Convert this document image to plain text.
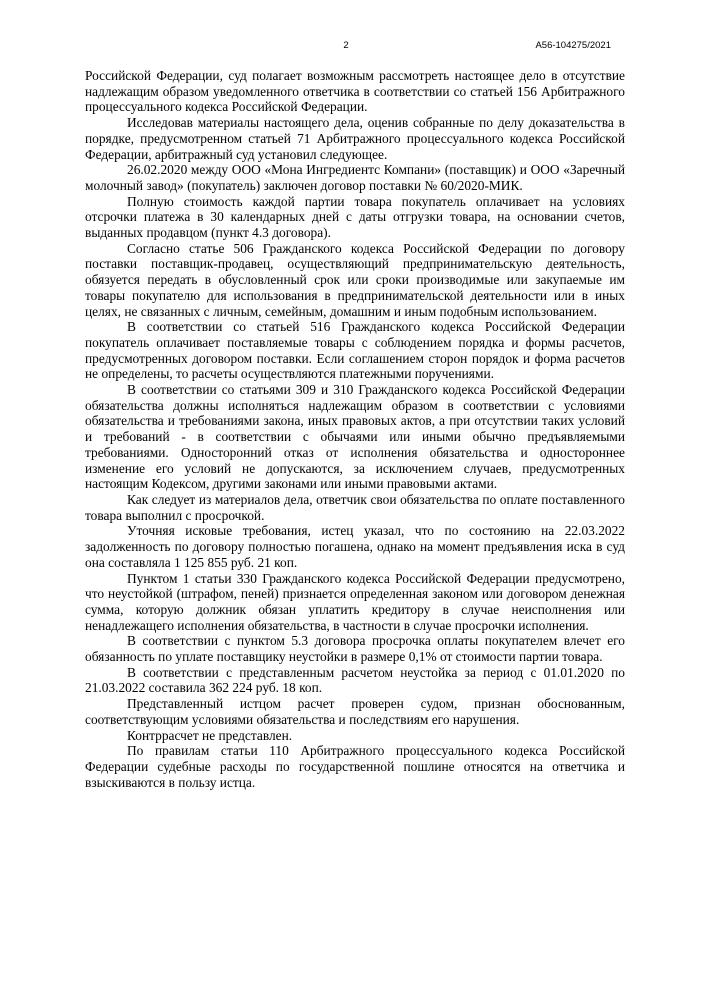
2	А56-104275/2021

Российской Федерации, суд полагает возможным рассмотреть настоящее дело в отсутствие надлежащим образом уведомленного ответчика в соответствии со статьей 156 Арбитражного процессуального кодекса Российской Федерации.

Исследовав материалы настоящего дела, оценив собранные по делу доказательства в порядке, предусмотренном статьей 71 Арбитражного процессуального кодекса Российской Федерации, арбитражный суд установил следующее.

26.02.2020 между ООО «Мона Ингредиентс Компани» (поставщик) и ООО «Заречный молочный завод» (покупатель) заключен договор поставки № 60/2020-МИК.

Полную стоимость каждой партии товара покупатель оплачивает на условиях отсрочки платежа в 30 календарных дней с даты отгрузки товара, на основании счетов, выданных продавцом (пункт 4.3 договора).

Согласно статье 506 Гражданского кодекса Российской Федерации по договору поставки поставщик-продавец, осуществляющий предпринимательскую деятельность, обязуется передать в обусловленный срок или сроки производимые или закупаемые им товары покупателю для использования в предпринимательской деятельности или в иных целях, не связанных с личным, семейным, домашним и иным подобным использованием.

В соответствии со статьей 516 Гражданского кодекса Российской Федерации покупатель оплачивает поставляемые товары с соблюдением порядка и формы расчетов, предусмотренных договором поставки. Если соглашением сторон порядок и форма расчетов не определены, то расчеты осуществляются платежными поручениями.

В соответствии со статьями 309 и 310 Гражданского кодекса Российской Федерации обязательства должны исполняться надлежащим образом в соответствии с условиями обязательства и требованиями закона, иных правовых актов, а при отсутствии таких условий и требований - в соответствии с обычаями или иными обычно предъявляемыми требованиями. Односторонний отказ от исполнения обязательства и одностороннее изменение его условий не допускаются, за исключением случаев, предусмотренных настоящим Кодексом, другими законами или иными правовыми актами.

Как следует из материалов дела, ответчик свои обязательства по оплате поставленного товара выполнил с просрочкой.

Уточняя исковые требования, истец указал, что по состоянию на 22.03.2022 задолженность по договору полностью погашена, однако на момент предъявления иска в суд она составляла 1 125 855 руб. 21 коп.

Пунктом 1 статьи 330 Гражданского кодекса Российской Федерации предусмотрено, что неустойкой (штрафом, пеней) признается определенная законом или договором денежная сумма, которую должник обязан уплатить кредитору в случае неисполнения или ненадлежащего исполнения обязательства, в частности в случае просрочки исполнения.

В соответствии с пунктом 5.3 договора просрочка оплаты покупателем влечет его обязанность по уплате поставщику неустойки в размере 0,1% от стоимости партии товара.

В соответствии с представленным расчетом неустойка за период с 01.01.2020 по 21.03.2022 составила 362 224 руб. 18 коп.

Представленный истцом расчет проверен судом, признан обоснованным, соответствующим условиями обязательства и последствиям его нарушения.

Контррасчет не представлен.

По правилам статьи 110 Арбитражного процессуального кодекса Российской Федерации судебные расходы по государственной пошлине относятся на ответчика и взыскиваются в пользу истца.
